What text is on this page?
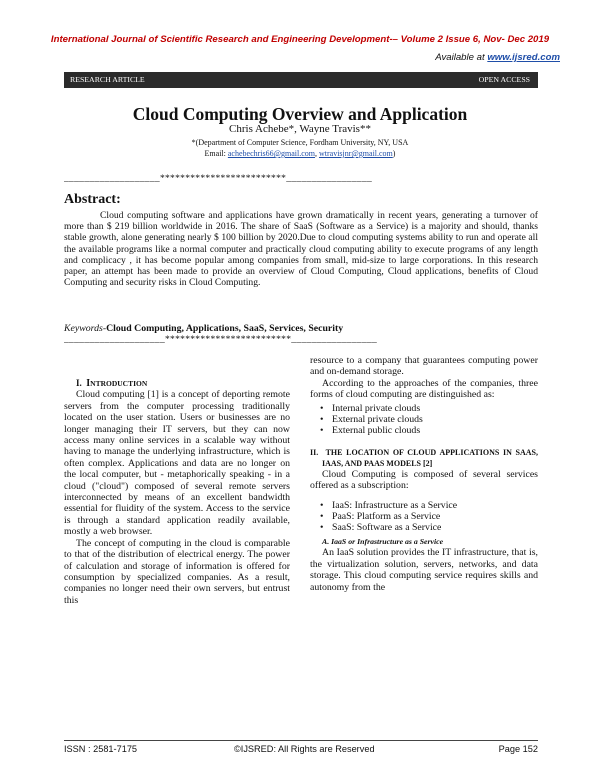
International Journal of Scientific Research and Engineering Development-– Volume 2 Issue 6, Nov- Dec 2019
Available at www.ijsred.com
RESEARCH ARTICLE	OPEN ACCESS
Cloud Computing Overview and Application
Chris Achebe*, Wayne Travis**
*(Department of Computer Science, Fordham University, NY, USA
Email: achebechris66@gmail.com, wtravisjnr@gmail.com)
___________________*************************_________________
Abstract:
Cloud computing software and applications have grown dramatically in recent years, generating a turnover of more than $ 219 billion worldwide in 2016. The share of SaaS (Software as a Service) is a majority and should, thanks stable growth, alone generating nearly $ 100 billion by 2020.Due to cloud computing systems ability to run and operate all the available programs like a normal computer and practically cloud computing ability to execute programs of any length and complicacy , it has become popular among companies from small, mid-size to large corporations. In this research paper, an attempt has been made to provide an overview of Cloud Computing, Cloud applications, benefits of Cloud Computing and security risks in Cloud Computing.
Keywords-Cloud Computing, Applications, SaaS, Services, Security
____________________*************************_________________

I. INTRODUCTION

Cloud computing [1] is a concept of deporting remote servers from the computer processing traditionally located on the user station. Users or businesses are no longer managing their IT servers, but they can now access many online services in a scalable way without having to manage the underlying infrastructure, which is often complex. Applications and data are no longer on the local computer, but - metaphorically speaking - in a cloud ("cloud") composed of several remote servers interconnected by means of an excellent bandwidth essential for fluidity of the system. Access to the service is through a standard application readily available, mostly a web browser.

The concept of computing in the cloud is comparable to that of the distribution of electrical energy. The power of calculation and storage of information is offered for consumption by specialized companies. As a result, companies no longer need their own servers, but entrust this

resource to a company that guarantees computing power and on-demand storage.

According to the approaches of the companies, three forms of cloud computing are distinguished as:

• Internal private clouds
• External private clouds
• External public clouds

II. THE LOCATION OF CLOUD APPLICATIONS IN SAAS, IAAS, AND PAAS MODELS [2]

Cloud Computing is composed of several services offered as a subscription:

• IaaS: Infrastructure as a Service
• PaaS: Platform as a Service
• SaaS: Software as a Service

A. IaaS or Infrastructure as a Service

An IaaS solution provides the IT infrastructure, that is, the virtualization solution, servers, networks, and data storage. This cloud computing service requires skills and autonomy from the

ISSN : 2581-7175	©IJSRED: All Rights are Reserved	Page 152
